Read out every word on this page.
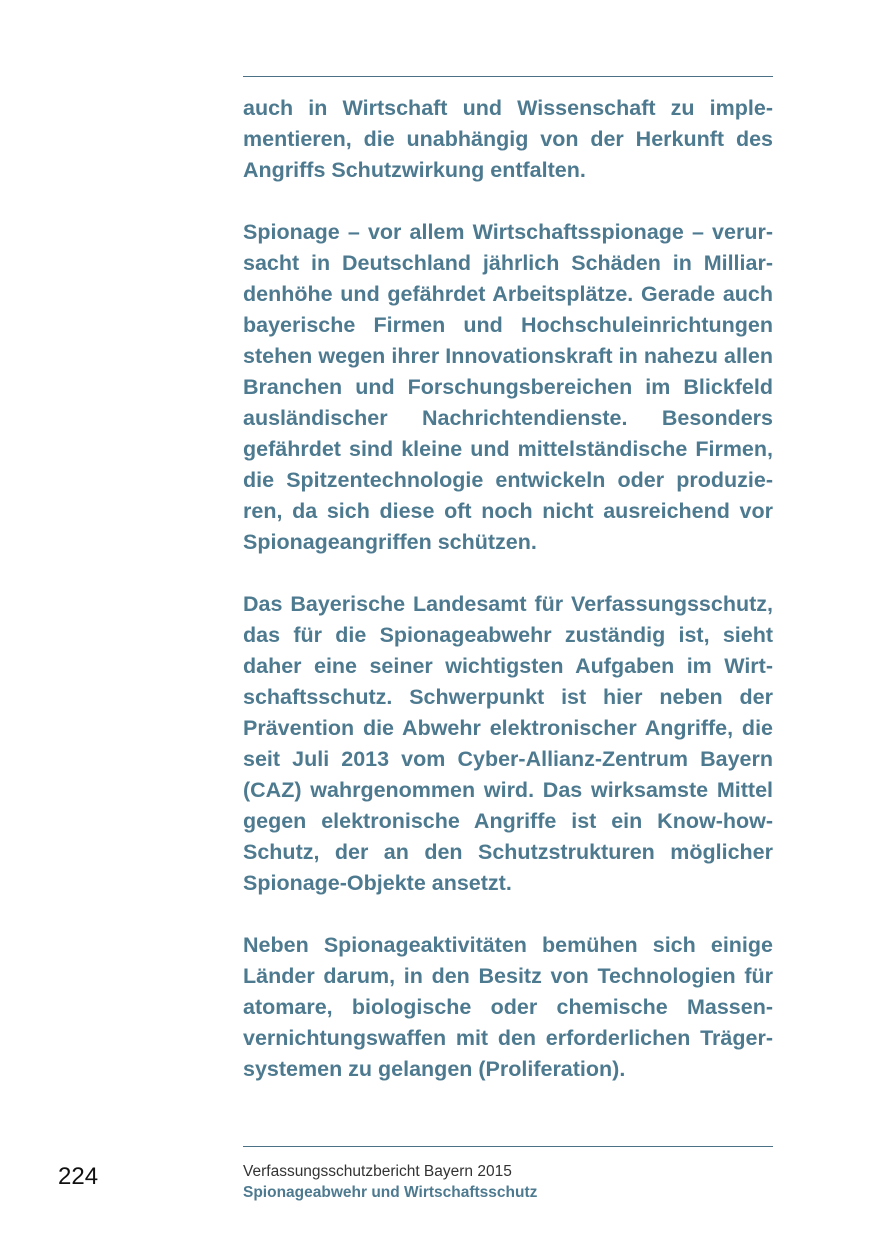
auch in Wirtschaft und Wissenschaft zu implementieren, die unabhängig von der Herkunft des Angriffs Schutzwirkung entfalten.

Spionage – vor allem Wirtschaftsspionage – verursacht in Deutschland jährlich Schäden in Milliardenhöhe und gefährdet Arbeitsplätze. Gerade auch bayerische Firmen und Hochschuleinrichtungen stehen wegen ihrer Innovationskraft in nahezu allen Branchen und Forschungsbereichen im Blickfeld ausländischer Nachrichtendienste. Besonders gefährdet sind kleine und mittelständische Firmen, die Spitzentechnologie entwickeln oder produzieren, da sich diese oft noch nicht ausreichend vor Spionageangriffen schützen.

Das Bayerische Landesamt für Verfassungsschutz, das für die Spionageabwehr zuständig ist, sieht daher eine seiner wichtigsten Aufgaben im Wirtschaftsschutz. Schwerpunkt ist hier neben der Prävention die Abwehr elektronischer Angriffe, die seit Juli 2013 vom Cyber-Allianz-Zentrum Bayern (CAZ) wahrgenommen wird. Das wirksamste Mittel gegen elektronische Angriffe ist ein Know-how-Schutz, der an den Schutzstrukturen möglicher Spionage-Objekte ansetzt.

Neben Spionageaktivitäten bemühen sich einige Länder darum, in den Besitz von Technologien für atomare, biologische oder chemische Massenvernichtungswaffen mit den erforderlichen Trägersystemen zu gelangen (Proliferation).

224	Verfassungsschutzbericht Bayern 2015
Spionageabwehr und Wirtschaftsschutz
